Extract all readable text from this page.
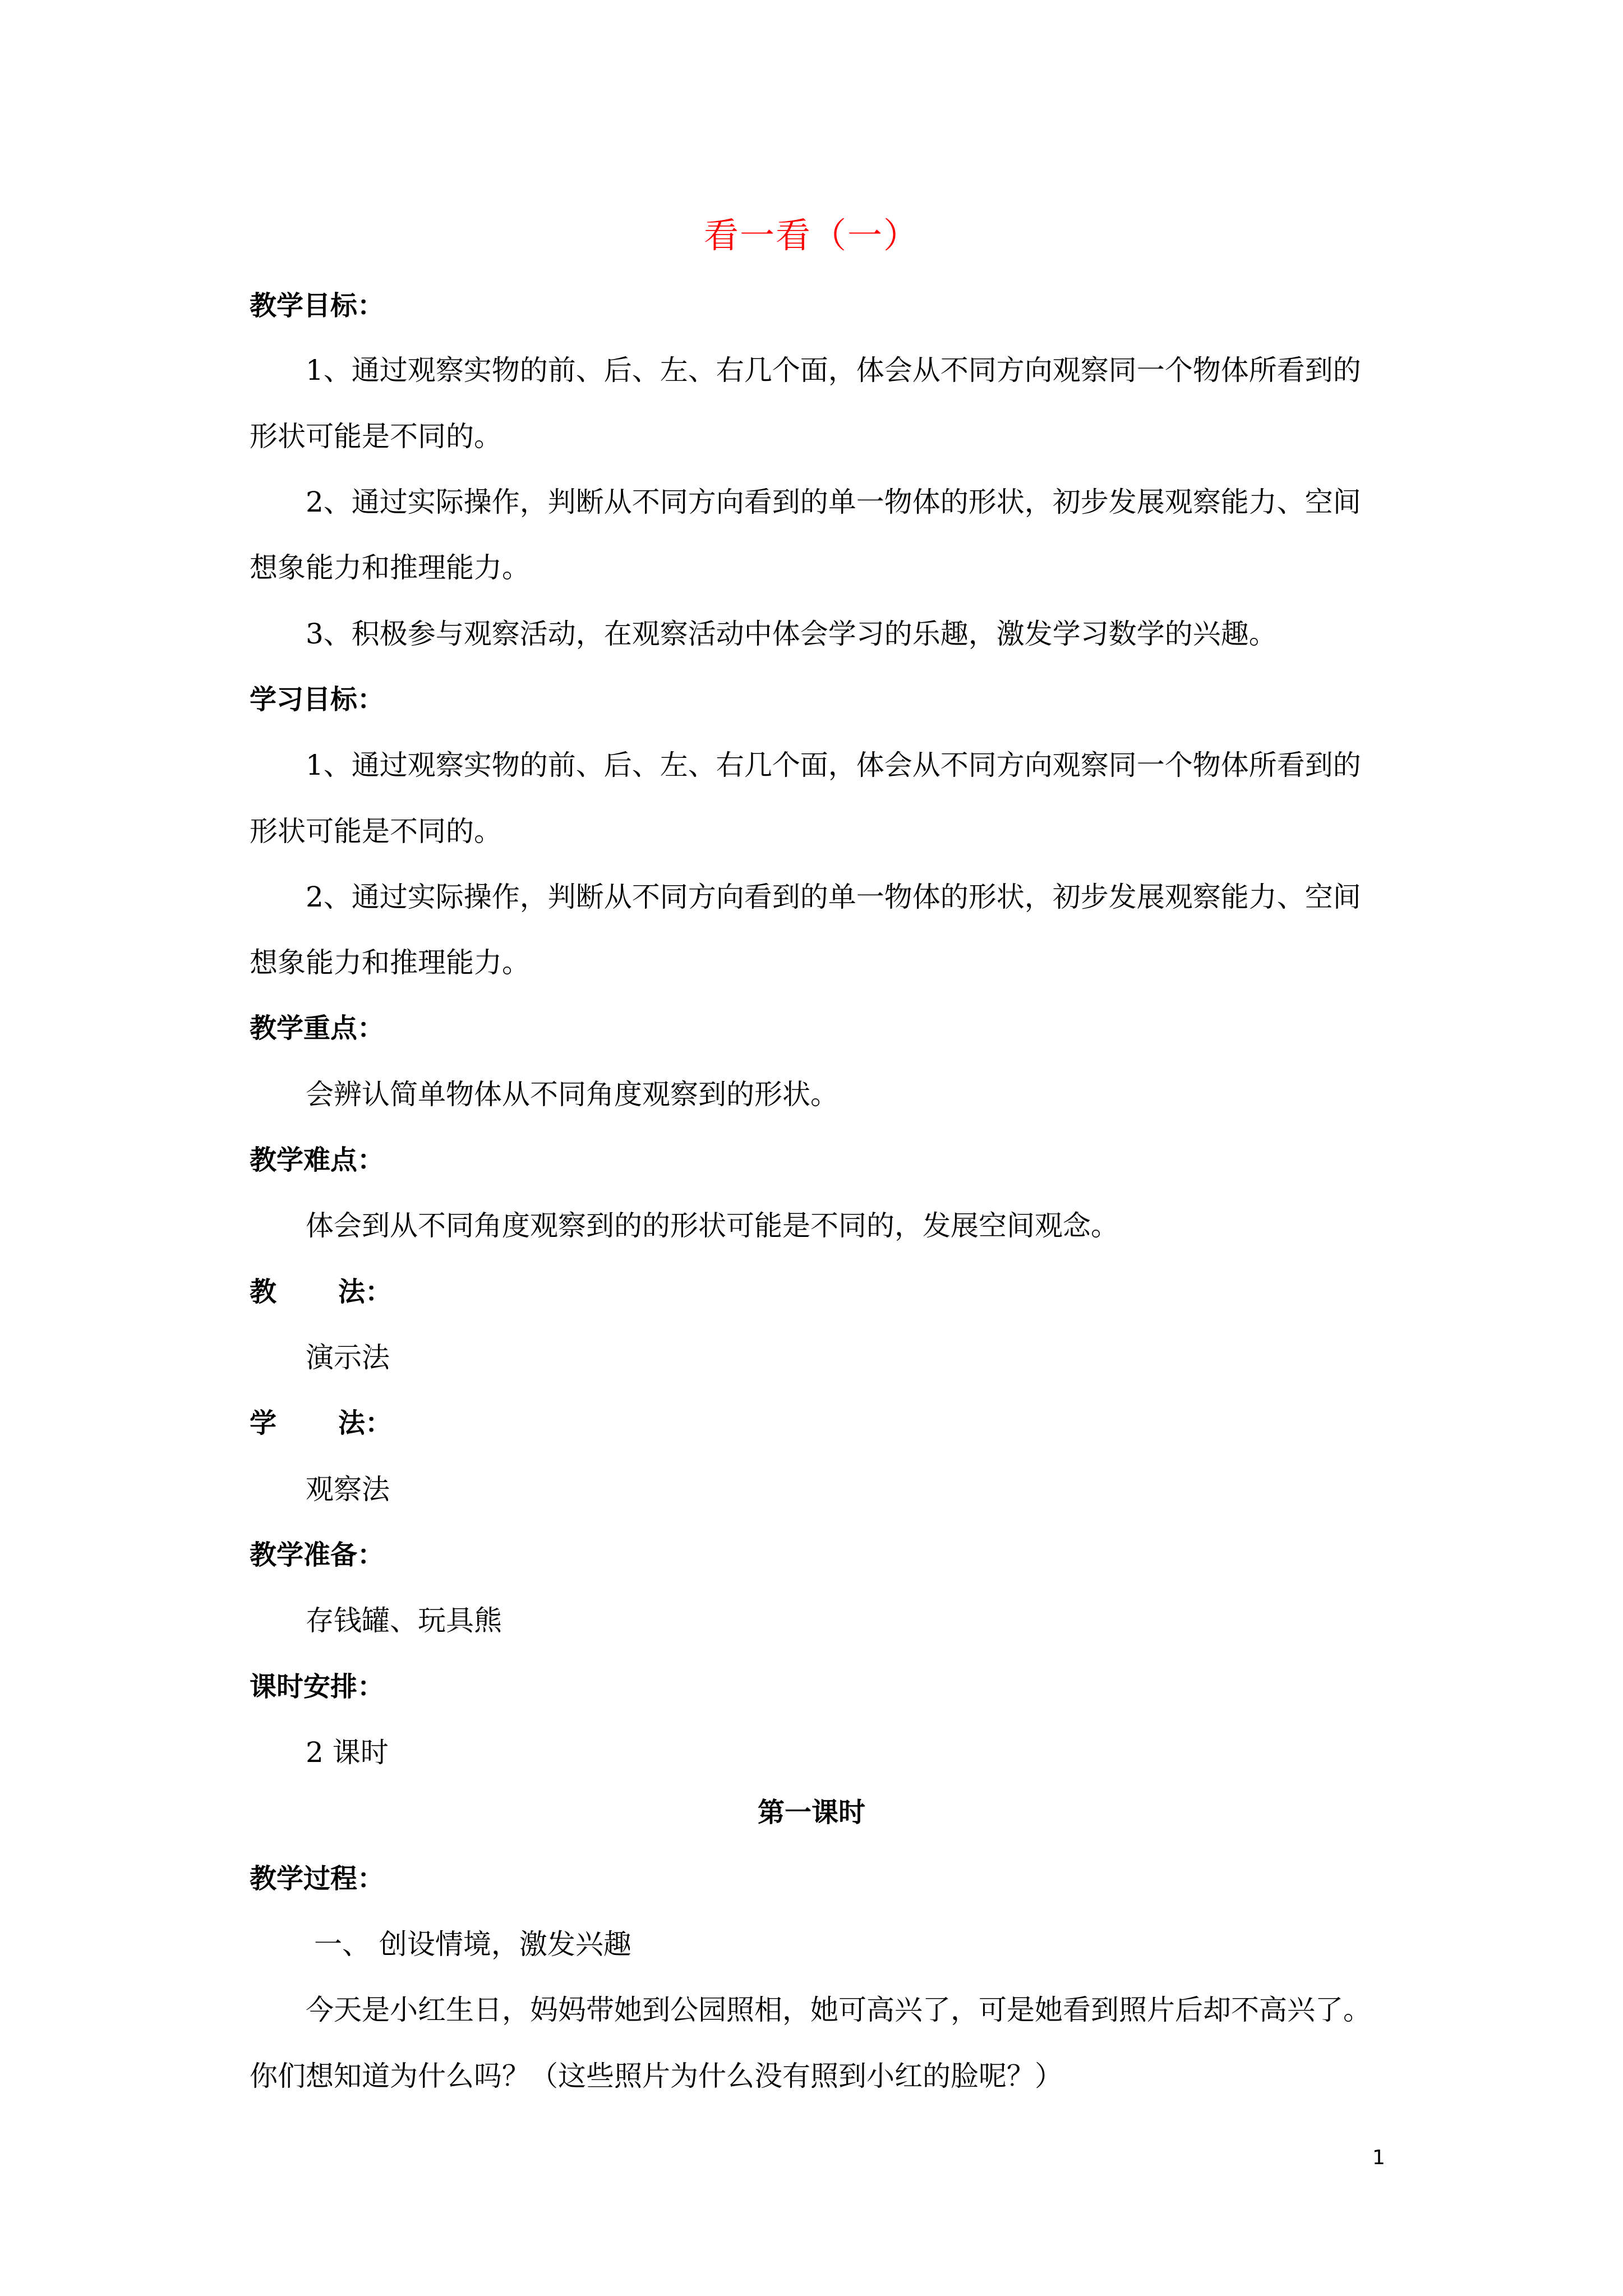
看一看（一）
教学目标：
1、通过观察实物的前、后、左、右几个面，体会从不同方向观察同一个物体所看到的
形状可能是不同的。
2、通过实际操作，判断从不同方向看到的单一物体的形状，初步发展观察能力、空间
想象能力和推理能力。
3、积极参与观察活动，在观察活动中体会学习的乐趣，激发学习数学的兴趣。
学习目标：
1、通过观察实物的前、后、左、右几个面，体会从不同方向观察同一个物体所看到的
形状可能是不同的。
2、通过实际操作，判断从不同方向看到的单一物体的形状，初步发展观察能力、空间
想象能力和推理能力。
教学重点：
会辨认简单物体从不同角度观察到的形状。
教学难点：
体会到从不同角度观察到的的形状可能是不同的，发展空间观念。
教 法：
演示法
学 法：
观察法
教学准备：
存钱罐、玩具熊
课时安排：
2 课时
第一课时
教学过程：
一、 创设情境，激发兴趣
今天是小红生日，妈妈带她到公园照相，她可高兴了，可是她看到照片后却不高兴了。
你们想知道为什么吗？（这些照片为什么没有照到小红的脸呢？）
1
